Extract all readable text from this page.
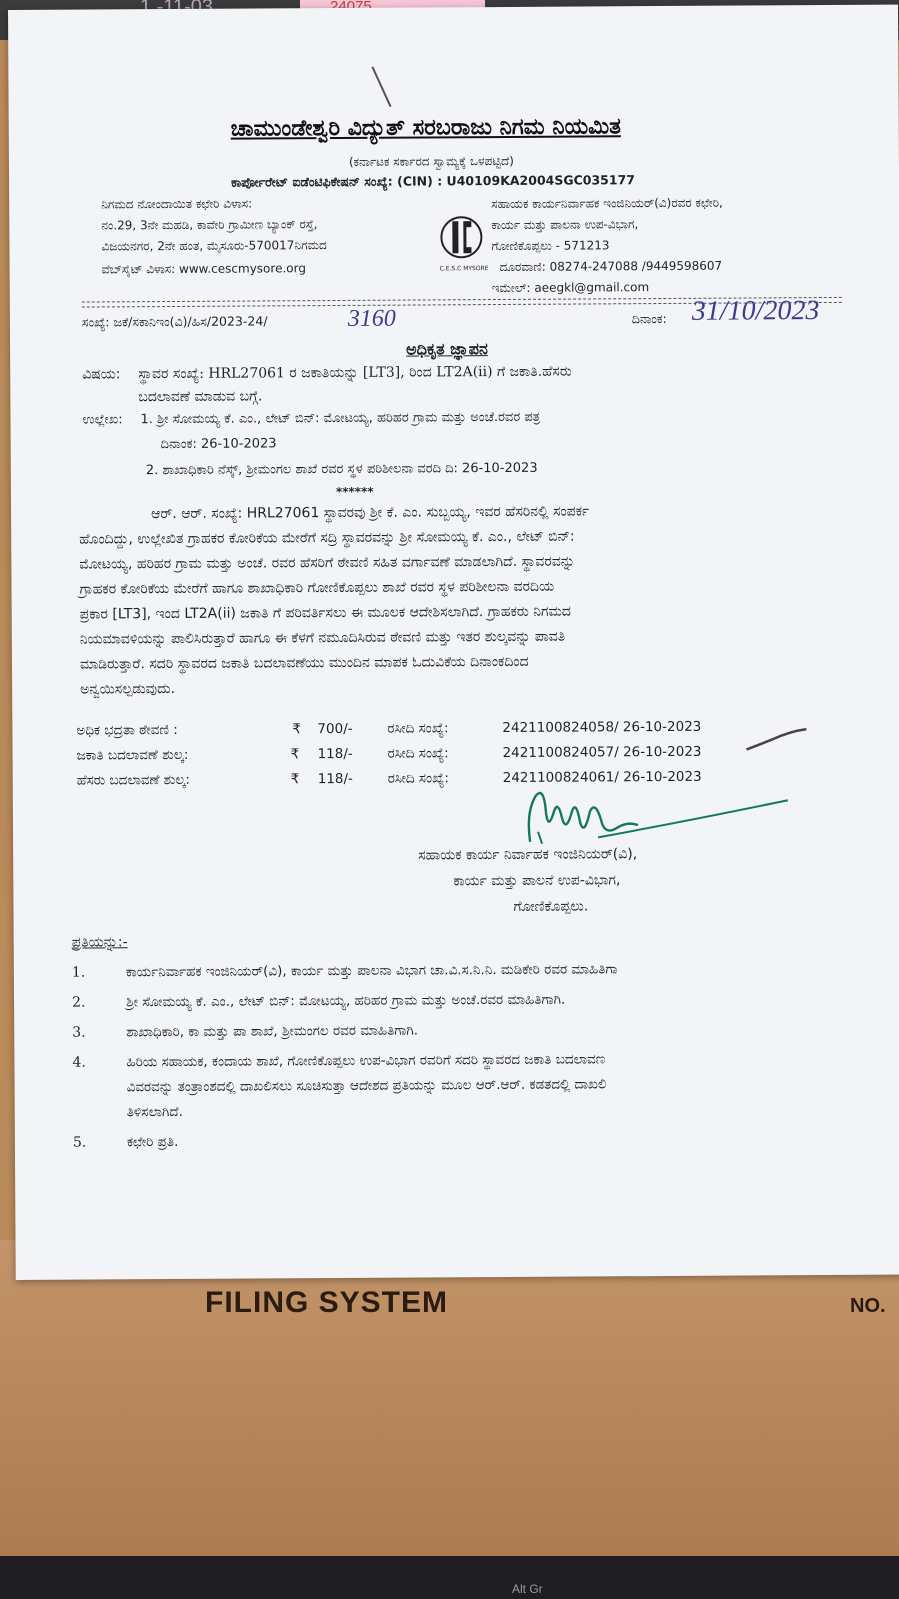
FILING SYSTEM	NO.
Alt Gr
ಚಾಮುಂಡೇಶ್ವರಿ ವಿದ್ಯುತ್ ಸರಬರಾಜು ನಿಗಮ ನಿಯಮಿತ
(ಕರ್ನಾಟಕ ಸರ್ಕಾರದ ಸ್ವಾಮ್ಯಕ್ಕೆ ಒಳಪಟ್ಟಿದೆ)
ಕಾರ್ಪೋರೇಟ್ ಐಡೆಂಟಿಫಿಕೇಷನ್ ಸಂಖ್ಯೆ: (CIN) : U40109KA2004SGC035177
ನಿಗಮದ ನೋಂದಾಯಿತ ಕಛೇರಿ ವಿಳಾಸ:
ನಂ.29, 3ನೇ ಮಹಡಿ, ಕಾವೇರಿ ಗ್ರಾಮೀಣ ಬ್ಯಾಂಕ್ ರಸ್ತೆ,
ವಿಜಯನಗರ, 2ನೇ ಹಂತ, ಮೈಸೂರು-570017ನಿಗಮದ
ವೆಬ್‌ಸೈಟ್ ವಿಳಾಸ: www.cescmysore.org	C.E.S.C MYSORE
ಸಹಾಯಕ ಕಾರ್ಯನಿರ್ವಾಹಕ ಇಂಜಿನಿಯರ್(ವಿ)ರವರ ಕಛೇರಿ,
ಕಾರ್ಯ ಮತ್ತು ಪಾಲನಾ ಉಪ-ವಿಭಾಗ,
ಗೋಣಿಕೊಪ್ಪಲು - 571213
ದೂರವಾಣಿ: 08274-247088 /9449598607
ಇಮೇಲ್: aeegkl@gmail.com
ಸಂಖ್ಯೆ: ಜಕೆ/ಸಕಾನಿಇಂ(ವಿ)/ಹಿಸ/2023-24/	3160	ದಿನಾಂಕ: 31/10/2023
ಅಧಿಕೃತ ಜ್ಞಾಪನ
ವಿಷಯ: ಸ್ಥಾವರ ಸಂಖ್ಯೆ: HRL27061 ರ ಜಕಾತಿಯನ್ನು [LT3], ರಿಂದ LT2A(ii) ಗೆ ಜಕಾತಿ.ಹೆಸರು
ಬದಲಾವಣೆ ಮಾಡುವ ಬಗ್ಗೆ.
ಉಲ್ಲೇಖ: 1. ಶ್ರೀ ಸೋಮಯ್ಯ ಕೆ. ಎಂ., ಲೇಟ್ ಬಿನ್: ಮೋಟಯ್ಯ, ಹರಿಹರ ಗ್ರಾಮ ಮತ್ತು ಅಂಚೆ.ರವರ ಪತ್ರ
ದಿನಾಂಕ: 26-10-2023
2. ಶಾಖಾಧಿಕಾರಿ ನೆಸ್ಕ್, ಶ್ರೀಮಂಗಲ ಶಾಖೆ ರವರ ಸ್ಥಳ ಪರಿಶೀಲನಾ ವರದಿ ದಿ: 26-10-2023
******
ಆರ್. ಆರ್. ಸಂಖ್ಯೆ: HRL27061 ಸ್ಥಾವರವು ಶ್ರೀ ಕೆ. ಎಂ. ಸುಬ್ಬಯ್ಯ, ಇವರ ಹೆಸರಿನಲ್ಲಿ ಸಂಪರ್ಕ
ಹೊಂದಿದ್ದು, ಉಲ್ಲೇಖಿತ ಗ್ರಾಹಕರ ಕೋರಿಕೆಯ ಮೇರೆಗೆ ಸದ್ರಿ ಸ್ಥಾವರವನ್ನು ಶ್ರೀ ಸೋಮಯ್ಯ ಕೆ. ಎಂ., ಲೇಟ್ ಬಿನ್:
ಮೋಟಯ್ಯ, ಹರಿಹರ ಗ್ರಾಮ ಮತ್ತು ಅಂಚೆ. ರವರ ಹೆಸರಿಗೆ ಠೇವಣಿ ಸಹಿತ ವರ್ಗಾವಣೆ ಮಾಡಲಾಗಿದೆ. ಸ್ಥಾವರವನ್ನು
ಗ್ರಾಹಕರ ಕೋರಿಕೆಯ ಮೇರೆಗೆ ಹಾಗೂ ಶಾಖಾಧಿಕಾರಿ ಗೋಣಿಕೊಪ್ಪಲು ಶಾಖೆ ರವರ ಸ್ಥಳ ಪರಿಶೀಲನಾ ವರದಿಯ
ಪ್ರಕಾರ [LT3], ಇಂದ LT2A(ii) ಜಕಾತಿ ಗೆ ಪರಿವರ್ತಿಸಲು ಈ ಮೂಲಕ ಆದೇಶಿಸಲಾಗಿದೆ. ಗ್ರಾಹಕರು ನಿಗಮದ
ನಿಯಮಾವಳಿಯನ್ನು ಪಾಲಿಸಿರುತ್ತಾರೆ ಹಾಗೂ ಈ ಕೆಳಗೆ ನಮೂದಿಸಿರುವ ಠೇವಣಿ ಮತ್ತು ಇತರ ಶುಲ್ಕವನ್ನು ಪಾವತಿ
ಮಾಡಿರುತ್ತಾರೆ. ಸದರಿ ಸ್ಥಾವರದ ಜಕಾತಿ ಬದಲಾವಣೆಯು ಮುಂದಿನ ಮಾಪಕ ಓದುವಿಕೆಯ ದಿನಾಂಕದಿಂದ
ಅನ್ವಯಿಸಲ್ಪಡುವುದು.
ಅಧಿಕ ಭದ್ರತಾ ಠೇವಣಿ :	₹ 700/-	ರಸೀದಿ ಸಂಖ್ಯೆ:	2421100824058/ 26-10-2023
ಜಕಾತಿ ಬದಲಾವಣೆ ಶುಲ್ಕ:	₹ 118/-	ರಸೀದಿ ಸಂಖ್ಯೆ:	2421100824057/ 26-10-2023
ಹೆಸರು ಬದಲಾವಣೆ ಶುಲ್ಕ:	₹ 118/-	ರಸೀದಿ ಸಂಖ್ಯೆ:	2421100824061/ 26-10-2023
ಸಹಾಯಕ ಕಾರ್ಯ ನಿರ್ವಾಹಕ ಇಂಜಿನಿಯರ್(ವಿ),
ಕಾರ್ಯ ಮತ್ತು ಪಾಲನೆ ಉಪ-ವಿಭಾಗ,
ಗೋಣಿಕೊಪ್ಪಲು.
ಪ್ರತಿಯನ್ನು:-
1.	ಕಾರ್ಯನಿರ್ವಾಹಕ ಇಂಜಿನಿಯರ್(ವಿ), ಕಾರ್ಯ ಮತ್ತು ಪಾಲನಾ ವಿಭಾಗ ಚಾ.ವಿ.ಸ.ನಿ.ನಿ. ಮಡಿಕೇರಿ ರವರ ಮಾಹಿತಿಗಾ
2.	ಶ್ರೀ ಸೋಮಯ್ಯ ಕೆ. ಎಂ., ಲೇಟ್ ಬಿನ್: ಮೋಟಯ್ಯ, ಹರಿಹರ ಗ್ರಾಮ ಮತ್ತು ಅಂಚೆ.ರವರ ಮಾಹಿತಿಗಾಗಿ.
3.	ಶಾಖಾಧಿಕಾರಿ, ಕಾ ಮತ್ತು ಪಾ ಶಾಖೆ, ಶ್ರೀಮಂಗಲ ರವರ ಮಾಹಿತಿಗಾಗಿ.
4.	ಹಿರಿಯ ಸಹಾಯಕ, ಕಂದಾಯ ಶಾಖೆ, ಗೋಣಿಕೊಪ್ಪಲು ಉಪ-ವಿಭಾಗ ರವರಿಗೆ ಸದರಿ ಸ್ಥಾವರದ ಜಕಾತಿ ಬದಲಾವಣ
ವಿವರವನ್ನು ತಂತ್ರಾಂಶದಲ್ಲಿ ದಾಖಲಿಸಲು ಸೂಚಿಸುತ್ತಾ ಆದೇಶದ ಪ್ರತಿಯನ್ನು ಮೂಲ ಆರ್.ಆರ್. ಕಡತದಲ್ಲಿ ದಾಖಲಿ
ತಿಳಿಸಲಾಗಿದೆ.
5.	ಕಛೇರಿ ಪ್ರತಿ.
